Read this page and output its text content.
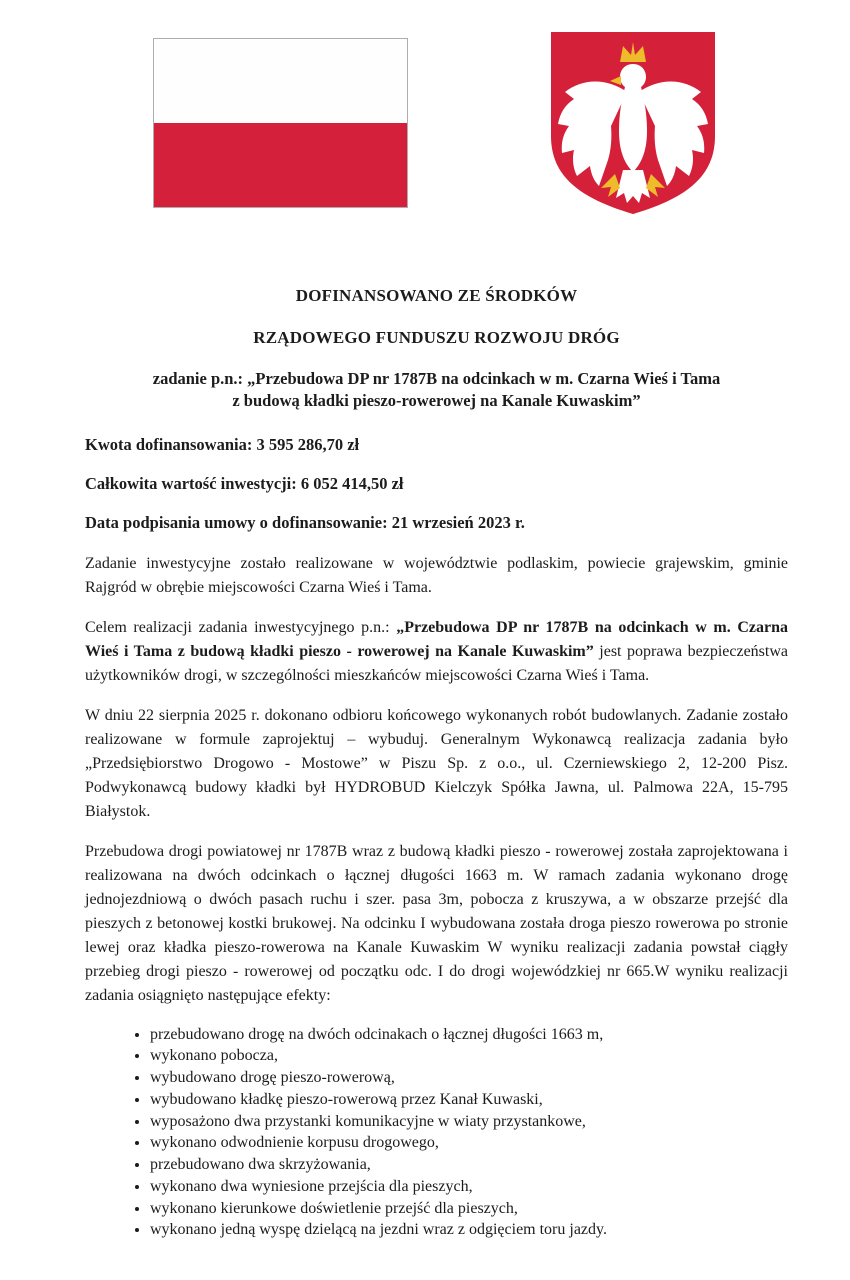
DOFINANSOWANO ZE ŚRODKÓW

RZĄDOWEGO FUNDUSZU ROZWOJU DRÓG

zadanie p.n.: „Przebudowa DP nr 1787B na odcinkach w m. Czarna Wieś i Tama
z budową kładki pieszo-rowerowej na Kanale Kuwaskim”

Kwota dofinansowania: 3 595 286,70 zł

Całkowita wartość inwestycji: 6 052 414,50 zł

Data podpisania umowy o dofinansowanie: 21 wrzesień 2023 r.

Zadanie inwestycyjne zostało realizowane w województwie podlaskim, powiecie grajewskim, gminie Rajgród w obrębie miejscowości Czarna Wieś i Tama.

Celem realizacji zadania inwestycyjnego p.n.: „Przebudowa DP nr 1787B na odcinkach w m. Czarna Wieś i Tama z budową kładki pieszo - rowerowej na Kanale Kuwaskim” jest poprawa bezpieczeństwa użytkowników drogi, w szczególności mieszkańców miejscowości Czarna Wieś i Tama.

W dniu 22 sierpnia 2025 r. dokonano odbioru końcowego wykonanych robót budowlanych. Zadanie zostało realizowane w formule zaprojektuj – wybuduj. Generalnym Wykonawcą realizacja zadania było „Przedsiębiorstwo Drogowo - Mostowe” w Piszu Sp. z o.o., ul. Czerniewskiego 2, 12-200 Pisz. Podwykonawcą budowy kładki był HYDROBUD Kielczyk Spółka Jawna, ul. Palmowa 22A, 15-795 Białystok.

Przebudowa drogi powiatowej nr 1787B wraz z budową kładki pieszo - rowerowej została zaprojektowana i realizowana na dwóch odcinkach o łącznej długości 1663 m. W ramach zadania wykonano drogę jednojezdniową o dwóch pasach ruchu i szer. pasa 3m, pobocza z kruszywa, a w obszarze przejść dla pieszych z betonowej kostki brukowej. Na odcinku I wybudowana została droga pieszo rowerowa po stronie lewej oraz kładka pieszo-rowerowa na Kanale Kuwaskim W wyniku realizacji zadania powstał ciągły przebieg drogi pieszo - rowerowej od początku odc. I do drogi wojewódzkiej nr 665.W wyniku realizacji zadania osiągnięto następujące efekty:

• przebudowano drogę na dwóch odcinakach o łącznej długości 1663 m,
• wykonano pobocza,
• wybudowano drogę pieszo-rowerową,
• wybudowano kładkę pieszo-rowerową przez Kanał Kuwaski,
• wyposażono dwa przystanki komunikacyjne w wiaty przystankowe,
• wykonano odwodnienie korpusu drogowego,
• przebudowano dwa skrzyżowania,
• wykonano dwa wyniesione przejścia dla pieszych,
• wykonano kierunkowe doświetlenie przejść dla pieszych,
• wykonano jedną wyspę dzielącą na jezdni wraz z odgięciem toru jazdy.
